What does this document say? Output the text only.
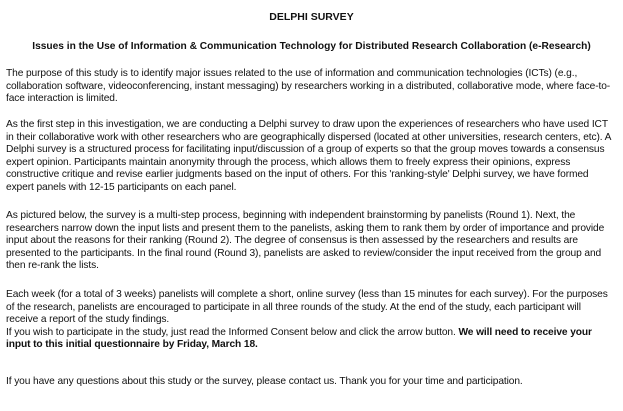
DELPHI SURVEY
Issues in the Use of Information & Communication Technology for Distributed Research Collaboration (e-Research)

The purpose of this study is to identify major issues related to the use of information and communication technologies (ICTs) (e.g., collaboration software, videoconferencing, instant messaging) by researchers working in a distributed, collaborative mode, where face-to-face interaction is limited.

As the first step in this investigation, we are conducting a Delphi survey to draw upon the experiences of researchers who have used ICT in their collaborative work with other researchers who are geographically dispersed (located at other universities, research centers, etc). A Delphi survey is a structured process for facilitating input/discussion of a group of experts so that the group moves towards a consensus expert opinion. Participants maintain anonymity through the process, which allows them to freely express their opinions, express constructive critique and revise earlier judgments based on the input of others. For this 'ranking-style' Delphi survey, we have formed expert panels with 12-15 participants on each panel.

As pictured below, the survey is a multi-step process, beginning with independent brainstorming by panelists (Round 1). Next, the researchers narrow down the input lists and present them to the panelists, asking them to rank them by order of importance and provide input about the reasons for their ranking (Round 2). The degree of consensus is then assessed by the researchers and results are presented to the participants. In the final round (Round 3), panelists are asked to review/consider the input received from the group and then re-rank the lists.

Each week (for a total of 3 weeks) panelists will complete a short, online survey (less than 15 minutes for each survey). For the purposes of the research, panelists are encouraged to participate in all three rounds of the study. At the end of the study, each participant will receive a report of the study findings.
If you wish to participate in the study, just read the Informed Consent below and click the arrow button. We will need to receive your input to this initial questionnaire by Friday, March 18.

If you have any questions about this study or the survey, please contact us. Thank you for your time and participation.
